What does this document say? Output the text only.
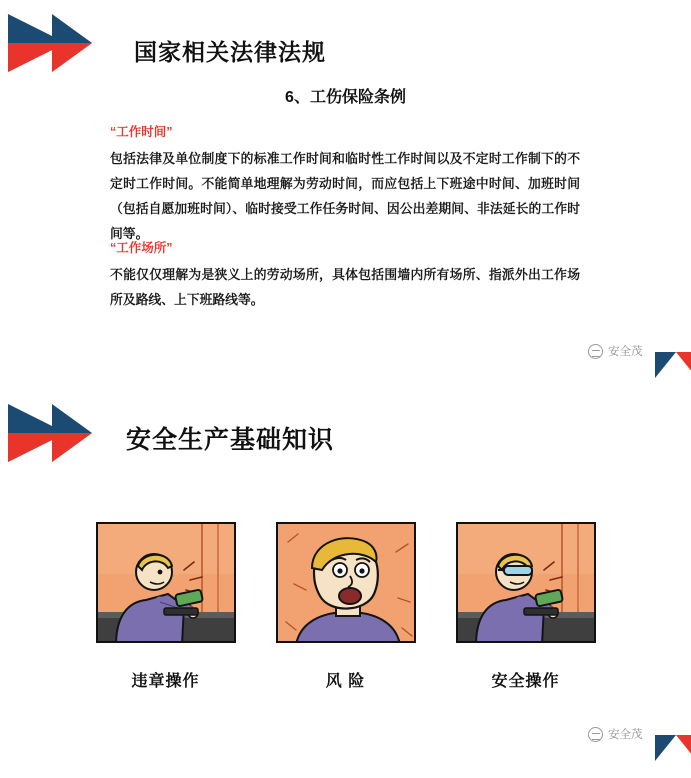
国家相关法律法规
6、工伤保险条例
“工作时间”

包括法律及单位制度下的标准工作时间和临时性工作时间以及不定时工作制下的不定时工作时间。不能简单地理解为劳动时间，而应包括上下班途中时间、加班时间（包括自愿加班时间）、临时接受工作任务时间、因公出差期间、非法延长的工作时间等。

“工作场所”

不能仅仅理解为是狭义上的劳动场所，具体包括围墙内所有场所、指派外出工作场所及路线、上下班路线等。

安全茂
安全生产基础知识
违章操作	风 险	安全操作
安全茂
